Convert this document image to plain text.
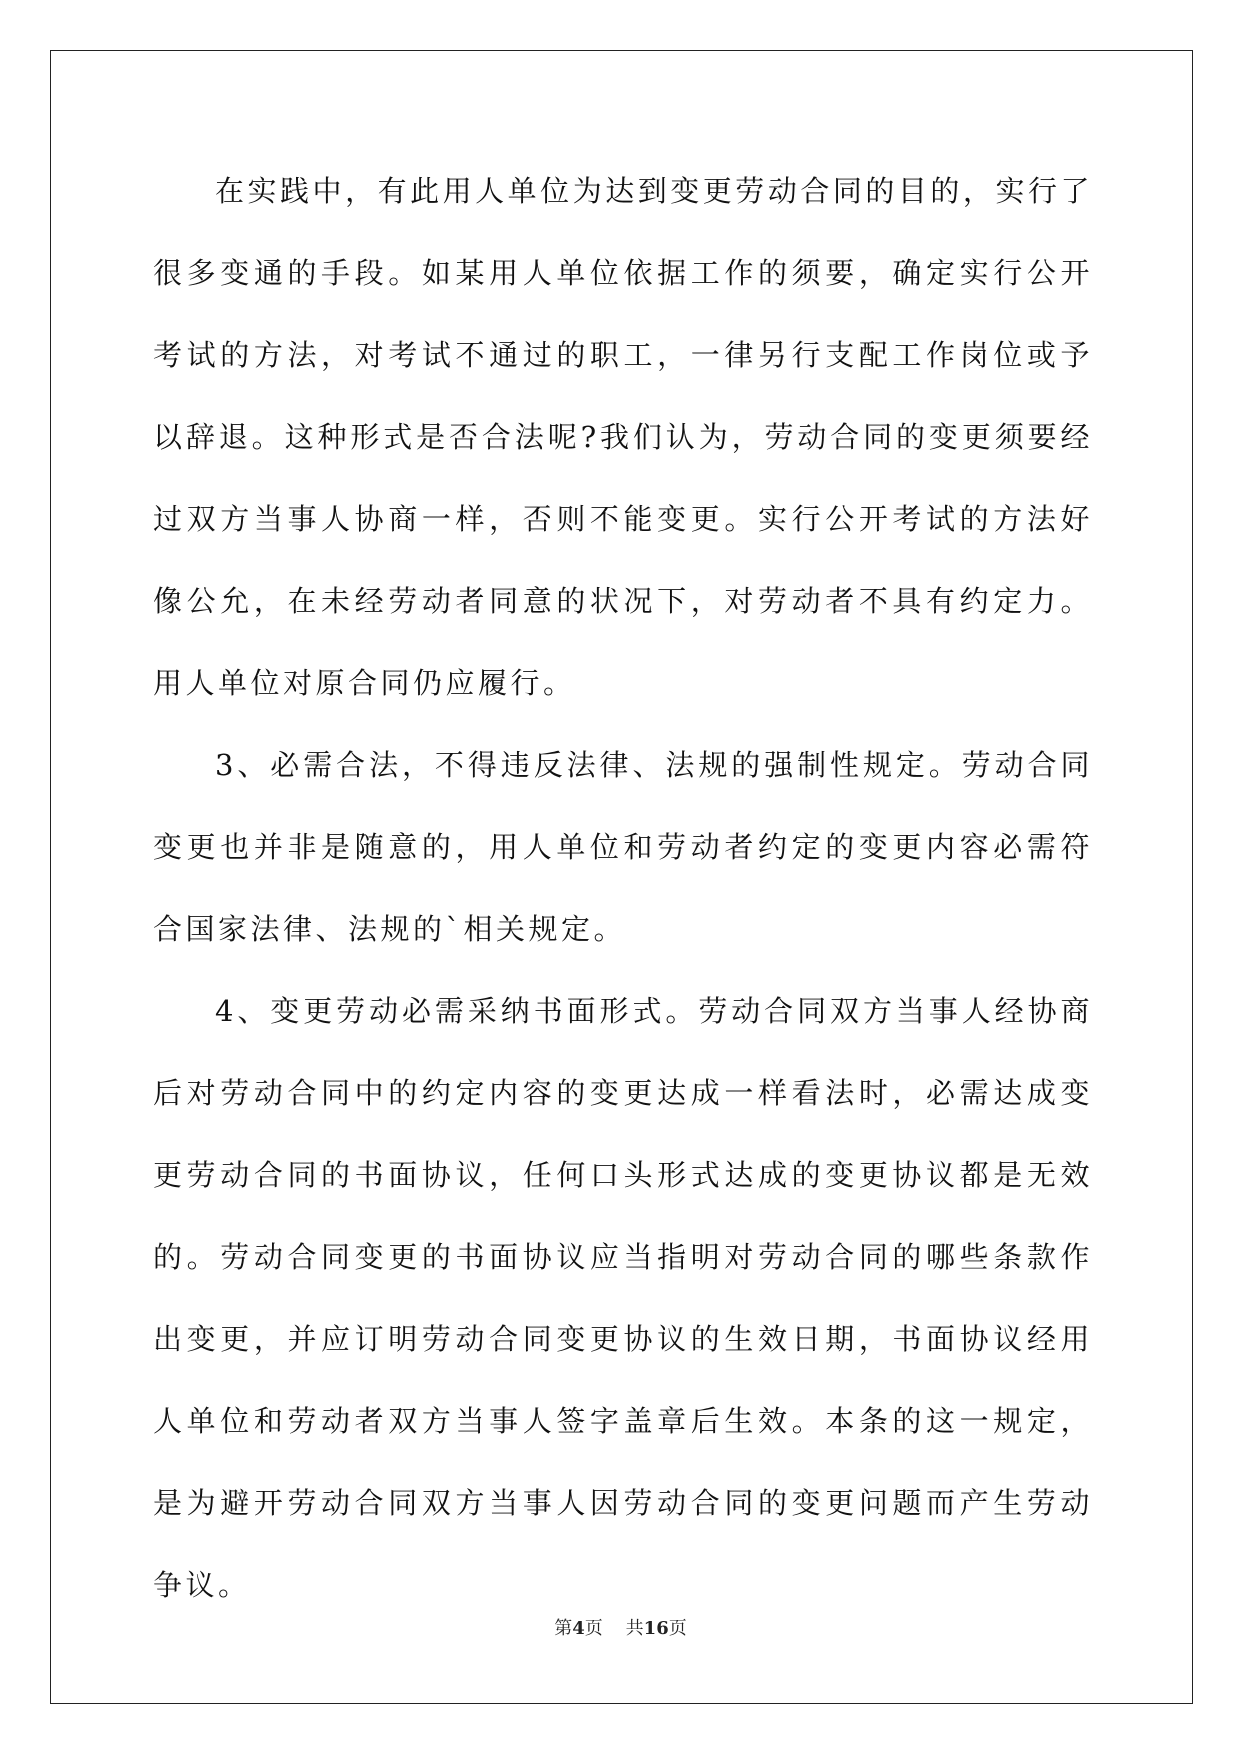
在实践中，有此用人单位为达到变更劳动合同的目的，实行了很多变通的手段。如某用人单位依据工作的须要，确定实行公开考试的方法，对考试不通过的职工，一律另行支配工作岗位或予以辞退。这种形式是否合法呢?我们认为，劳动合同的变更须要经过双方当事人协商一样，否则不能变更。实行公开考试的方法好像公允，在未经劳动者同意的状况下，对劳动者不具有约定力。用人单位对原合同仍应履行。

3、必需合法，不得违反法律、法规的强制性规定。劳动合同变更也并非是随意的，用人单位和劳动者约定的变更内容必需符合国家法律、法规的`相关规定。

4、变更劳动必需采纳书面形式。劳动合同双方当事人经协商后对劳动合同中的约定内容的变更达成一样看法时，必需达成变更劳动合同的书面协议，任何口头形式达成的变更协议都是无效的。劳动合同变更的书面协议应当指明对劳动合同的哪些条款作出变更，并应订明劳动合同变更协议的生效日期，书面协议经用人单位和劳动者双方当事人签字盖章后生效。本条的这一规定，是为避开劳动合同双方当事人因劳动合同的变更问题而产生劳动争议。

第4页 共16页
